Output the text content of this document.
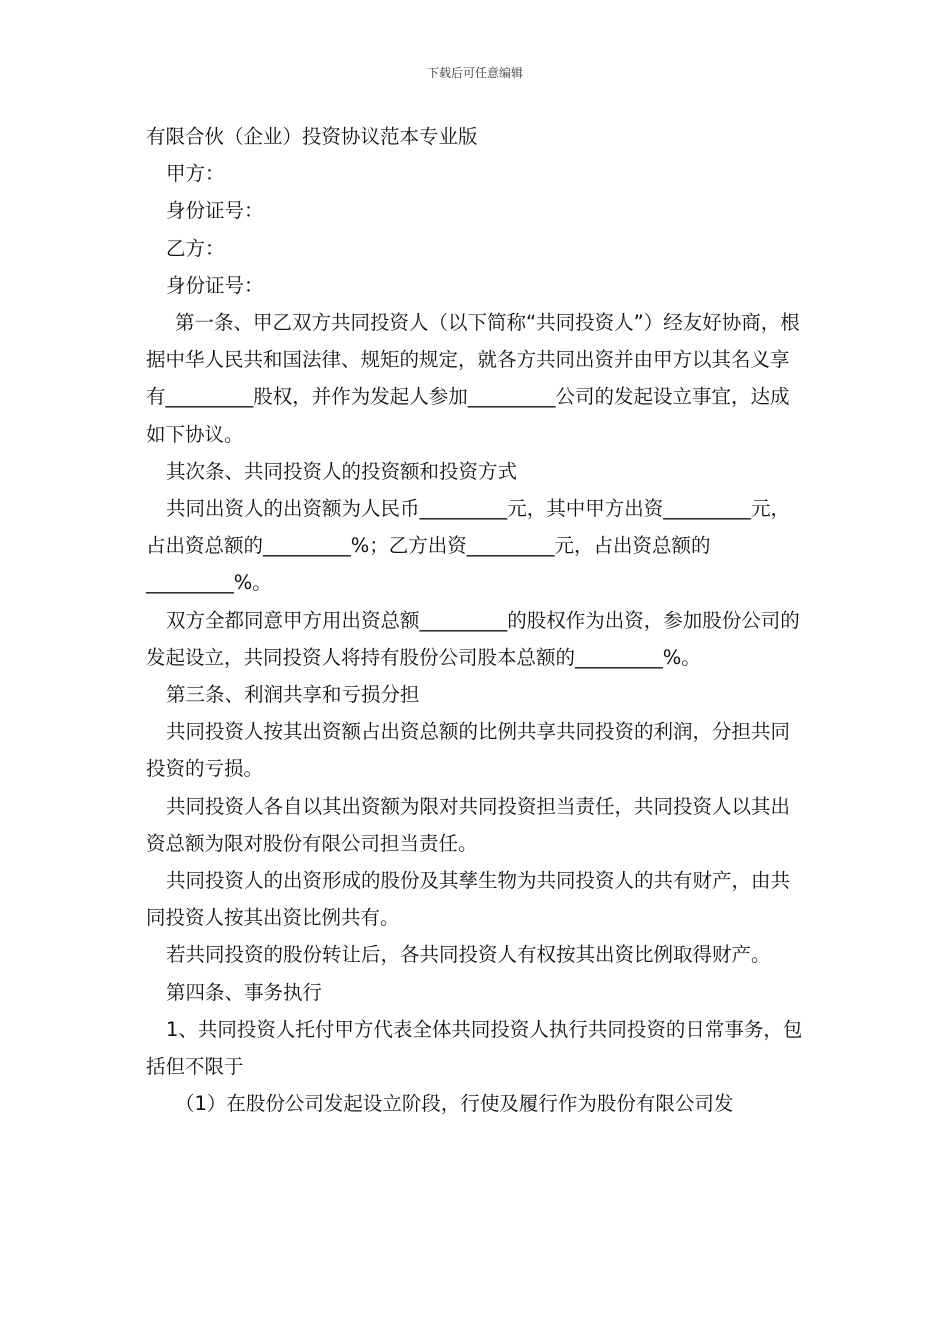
下载后可任意编辑

有限合伙（企业）投资协议范本专业版

甲方：

身份证号：

乙方：

身份证号：

第一条、甲乙双方共同投资人（以下简称“共同投资人”）经友好协商，根据中华人民共和国法律、规矩的规定，就各方共同出资并由甲方以其名义享有_________股权，并作为发起人参加_________公司的发起设立事宜，达成如下协议。

其次条、共同投资人的投资额和投资方式

共同出资人的出资额为人民币_________元，其中甲方出资_________元，占出资总额的_________%；乙方出资_________元，占出资总额的_________%。

双方全都同意甲方用出资总额_________的股权作为出资，参加股份公司的发起设立，共同投资人将持有股份公司股本总额的_________%。

第三条、利润共享和亏损分担

共同投资人按其出资额占出资总额的比例共享共同投资的利润，分担共同投资的亏损。

共同投资人各自以其出资额为限对共同投资担当责任，共同投资人以其出资总额为限对股份有限公司担当责任。

共同投资人的出资形成的股份及其孳生物为共同投资人的共有财产，由共同投资人按其出资比例共有。

若共同投资的股份转让后，各共同投资人有权按其出资比例取得财产。

第四条、事务执行

1、共同投资人托付甲方代表全体共同投资人执行共同投资的日常事务，包括但不限于

（1）在股份公司发起设立阶段，行使及履行作为股份有限公司发
